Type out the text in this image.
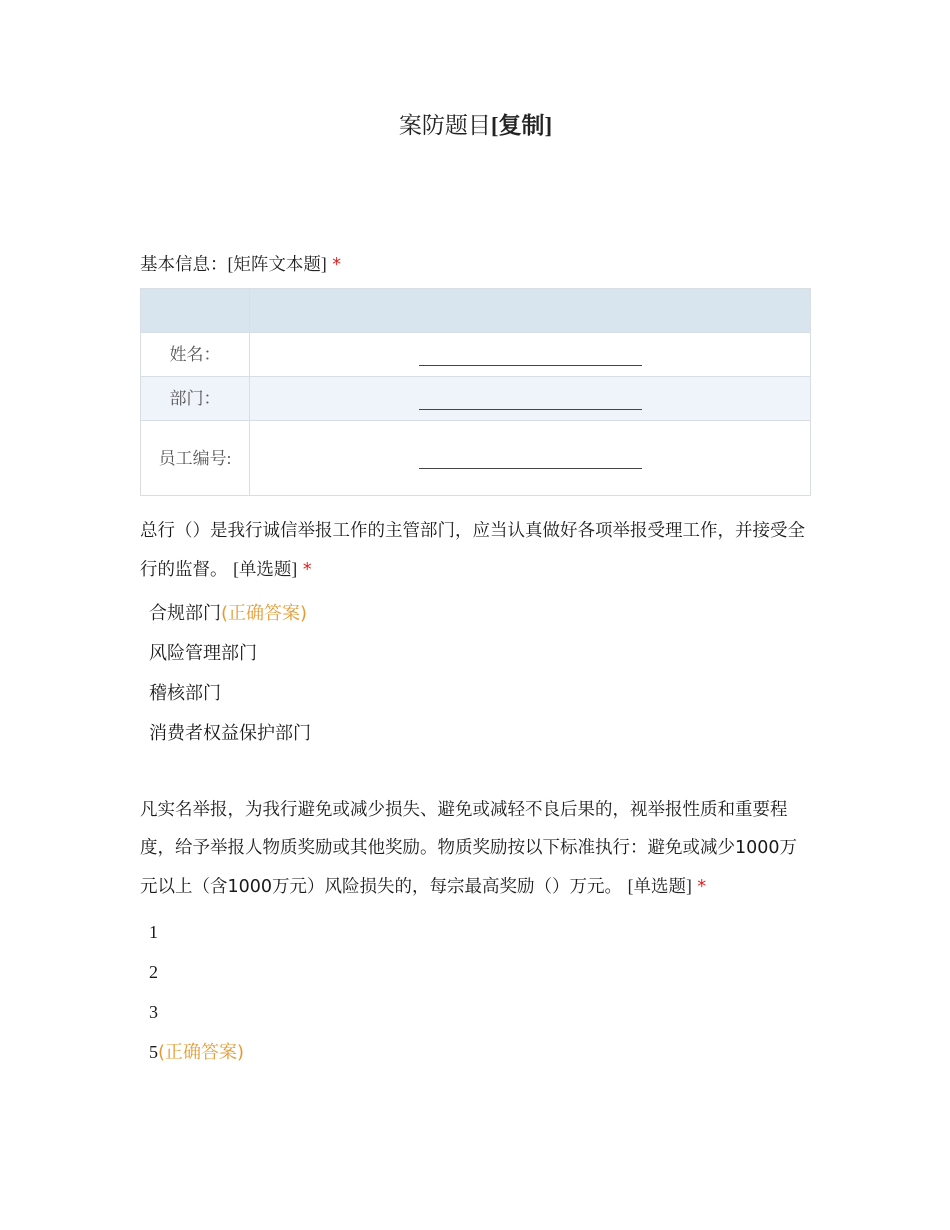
案防题目[复制]
基本信息：[矩阵文本题] *

姓名：	
部门：	
员工编号:	
总行（）是我行诚信举报工作的主管部门，应当认真做好各项举报受理工作，并接受全行的监督。 [单选题] *
合规部门(正确答案)
风险管理部门
稽核部门
消费者权益保护部门
凡实名举报，为我行避免或减少损失、避免或减轻不良后果的，视举报性质和重要程度，给予举报人物质奖励或其他奖励。物质奖励按以下标准执行：避免或减少1000万元以上（含1000万元）风险损失的，每宗最高奖励（）万元。 [单选题] *
1
2
3
5(正确答案)
